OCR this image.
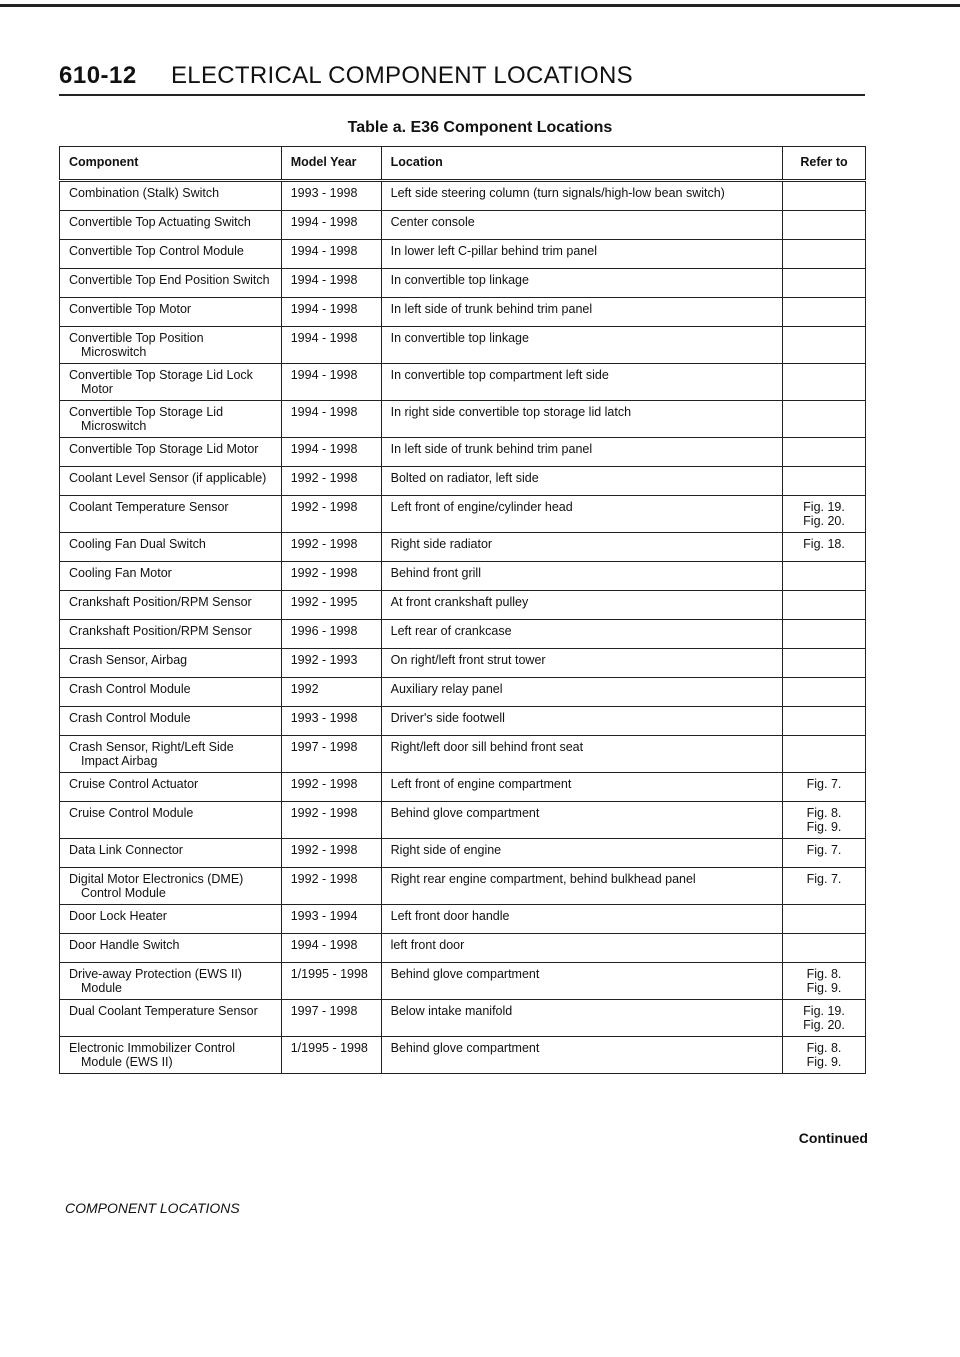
610-12 ELECTRICAL COMPONENT LOCATIONS
Table a. E36 Component Locations
Component	Model Year	Location	Refer to
Combination (Stalk) Switch	1993 - 1998	Left side steering column (turn signals/high-low bean switch)	
Convertible Top Actuating Switch	1994 - 1998	Center console	
Convertible Top Control Module	1994 - 1998	In lower left C-pillar behind trim panel	
Convertible Top End Position Switch	1994 - 1998	In convertible top linkage	
Convertible Top Motor	1994 - 1998	In left side of trunk behind trim panel	
Convertible Top Position
Microswitch	1994 - 1998	In convertible top linkage	
Convertible Top Storage Lid Lock
Motor	1994 - 1998	In convertible top compartment left side	
Convertible Top Storage Lid
Microswitch	1994 - 1998	In right side convertible top storage lid latch	
Convertible Top Storage Lid Motor	1994 - 1998	In left side of trunk behind trim panel	
Coolant Level Sensor (if applicable)	1992 - 1998	Bolted on radiator, left side	
Coolant Temperature Sensor	1992 - 1998	Left front of engine/cylinder head	Fig. 19.
Fig. 20.

Cooling Fan Dual Switch	1992 - 1998	Right side radiator	Fig. 18.

Cooling Fan Motor	1992 - 1998	Behind front grill	
Crankshaft Position/RPM Sensor	1992 - 1995	At front crankshaft pulley	
Crankshaft Position/RPM Sensor	1996 - 1998	Left rear of crankcase	
Crash Sensor, Airbag	1992 - 1993	On right/left front strut tower	
Crash Control Module	1992	Auxiliary relay panel	
Crash Control Module	1993 - 1998	Driver's side footwell	
Crash Sensor, Right/Left Side
Impact Airbag	1997 - 1998	Right/left door sill behind front seat	
Cruise Control Actuator	1992 - 1998	Left front of engine compartment	Fig. 7.

Cruise Control Module	1992 - 1998	Behind glove compartment	Fig. 8.
Fig. 9.

Data Link Connector	1992 - 1998	Right side of engine	Fig. 7.

Digital Motor Electronics (DME)
Control Module	1992 - 1998	Right rear engine compartment, behind bulkhead panel	Fig. 7.

Door Lock Heater	1993 - 1994	Left front door handle	
Door Handle Switch	1994 - 1998	left front door	
Drive-away Protection (EWS II)
Module	1/1995 - 1998	Behind glove compartment	Fig. 8.
Fig. 9.

Dual Coolant Temperature Sensor	1997 - 1998	Below intake manifold	Fig. 19.
Fig. 20.

Electronic Immobilizer Control
Module (EWS II)	1/1995 - 1998	Behind glove compartment	Fig. 8.
Fig. 9.
Continued
COMPONENT LOCATIONS
